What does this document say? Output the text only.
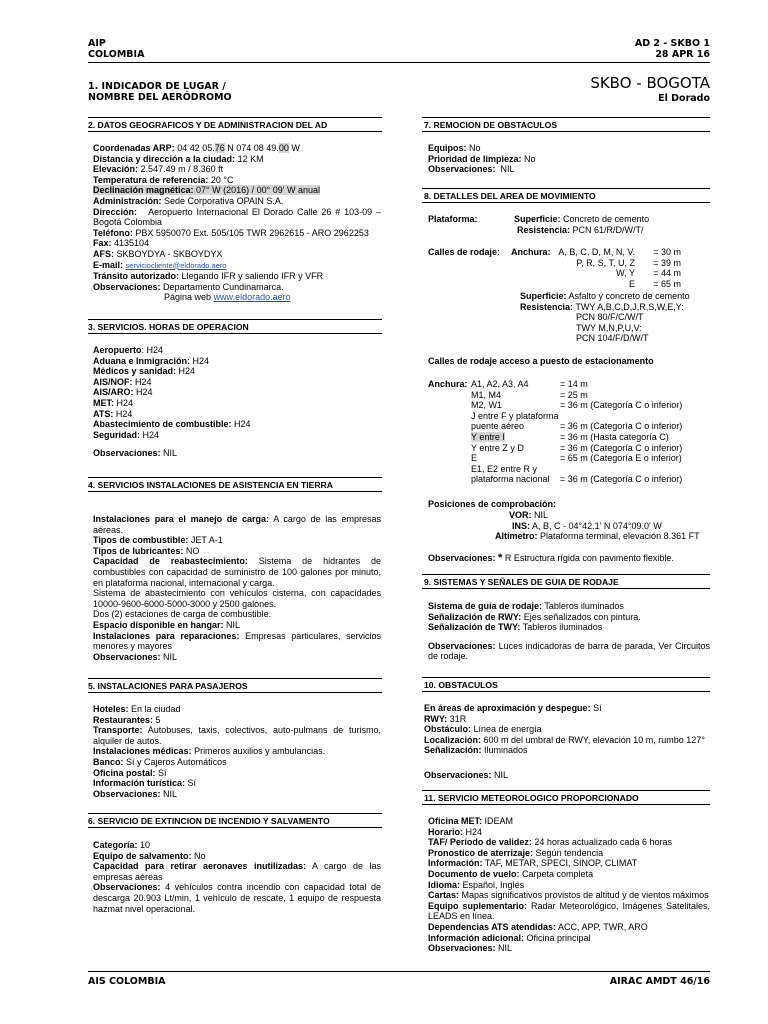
AIP
COLOMBIA
AD 2 - SKBO 1
28 APR 16
1. INDICADOR DE LUGAR /
NOMBRE DEL AERÓDROMO
SKBO - BOGOTA
El Dorado
2. DATOS GEOGRAFICOS Y DE ADMINISTRACION DEL AD

Coordenadas ARP: 04 42 05.76 N 074 08 49.00 W

Distancia y dirección a la ciudad: 12 KM

Elevación: 2.547.49 m / 8.360 ft

Temperatura de referencia: 20 °C

Declinación magnética: 07° W (2016) / 00° 09' W anual

Administración: Sede Corporativa OPAIN S.A.

Dirección: Aeropuerto Internacional El Dorado Calle 26 # 103-09 – Bogotá Colombia

Teléfono: PBX 5950070 Ext. 505/105 TWR 2962615 - ARO 2962253

Fax: 4135104

AFS: SKBOYDYA - SKBOYDYX

E-mail: serviciocliente@eldorado.aero

Tránsito autorizado: Llegando IFR y saliendo IFR y VFR

Observaciones: Departamento Cundinamarca.

Página web www.eldorado.aero

3. SERVICIOS. HORAS DE OPERACION

Aeropuerto: H24

Aduana e Inmigración: H24

Médicos y sanidad: H24

AIS/NOF: H24

AIS/ARO: H24

MET: H24

ATS: H24

Abastecimiento de combustible: H24

Seguridad: H24

Observaciones: NIL

4. SERVICIOS INSTALACIONES DE ASISTENCIA EN TIERRA

Instalaciones para el manejo de carga: A cargo de las empresas aéreas.

Tipos de combustible: JET A-1

Tipos de lubricantes: NO

Capacidad de reabastecimiento: Sistema de hidrantes de combustibles con capacidad de suministro de 100 galones por minuto, en plataforma nacional, internacional y carga.

Sistema de abastecimiento con vehículos cisterna, con capacidades 10000-9600-6000-5000-3000 y 2500 galones.

Dos (2) estaciones de carga de combustible.

Espacio disponible en hangar: NIL

Instalaciones para reparaciones: Empresas particulares, servicios menores y mayores

Observaciones: NIL

5. INSTALACIONES PARA PASAJEROS

Hoteles: En la ciudad

Restaurantes: 5

Transporte: Autobuses, taxis, colectivos, auto-pulmans de turismo, alquiler de autos.

Instalaciones médicas: Primeros auxilios y ambulancias.

Banco: Sí y Cajeros Automáticos

Oficina postal: Sí

Información turística: Sí

Observaciones: NIL

6. SERVICIO DE EXTINCION DE INCENDIO Y SALVAMENTO

Categoría: 10

Equipo de salvamento: No

Capacidad para retirar aeronaves inutilizadas: A cargo de las empresas aéreas

Observaciones: 4 vehículos contra incendio con capacidad total de descarga 20.903 Lt/min, 1 vehículo de rescate, 1 equipo de respuesta hazmat nivel operacional.

7. REMOCION DE OBSTACULOS

Equipos: No

Prioridad de limpieza: No

Observaciones: NIL

8. DETALLES DEL AREA DE MOVIMIENTO
Plataforma:	Superficie: Concreto de cemento

Resistencia: PCN 61/R/D/W/T/

Calles de rodaje: Anchura: A, B, C, D, M, N, V.	= 30 m
P, R, S, T, U, Z	= 39 m
W, Y	= 44 m
E	= 65 m

Superficie: Asfalto y concreto de cemento

Resistencia: TWY A,B,C,D,J,R,S,W,E,Y:

PCN 80/F/C/W/T

TWY M,N,P,U,V:

PCN 104/F/D/W/T

Calles de rodaje acceso a puesto de estacionamento
Anchura: A1, A2, A3, A4	= 14 m
M1, M4	= 25 m
M2, W1	= 36 m (Categoría C o inferior)
J entre F y plataforma	
puente aéreo	= 36 m (Categoría C o inferior)
Y entre I	= 36 m (Hasta categoría C)
Y entre Z y D	= 36 m (Categoría C o inferior)
E	= 65 m (Categoría E o inferior)
E1, E2 entre R y	
plataforma nacional	= 36 m (Categoría C o inferior)
Posiciones de comprobación:

VOR: NIL

INS: A, B, C - 04°42.1' N 074°09.0' W

Altímetro: Plataforma terminal, elevación 8.361 FT

Observaciones: * R Estructura rígida con pavimento flexible.

9. SISTEMAS Y SEÑALES DE GUIA DE RODAJE

Sistema de guía de rodaje: Tableros iluminados

Señalización de RWY: Ejes señalizados con pintura.

Señalización de TWY: Tableros iluminados

Observaciones: Luces indicadoras de barra de parada, Ver Circuitos de rodaje.

10. OBSTACULOS

En áreas de aproximación y despegue: Sí

RWY: 31R

Obstáculo: Línea de energía

Localización: 600 m del umbral de RWY, elevación 10 m, rumbo 127°

Señalización: Iluminados

Observaciones: NIL

11. SERVICIO METEOROLOGICO PROPORCIONADO

Oficina MET: IDEAM

Horario: H24

TAF/ Período de validez: 24 horas actualizado cada 6 horas

Pronostico de aterrizaje: Según tendencia

Información: TAF, METAR, SPECI, SINOP, CLIMAT

Documento de vuelo: Carpeta completa

Idioma: Español, Inglés

Cartas: Mapas significativos provistos de altitud y de vientos máximos

Equipo suplementario: Radar Meteorológico, Imágenes Satelitales, LEADS en línea.

Dependencias ATS atendidas: ACC, APP, TWR, ARO

Información adicional: Oficina principal

Observaciones: NIL

AIS COLOMBIA	AIRAC AMDT 46/16
